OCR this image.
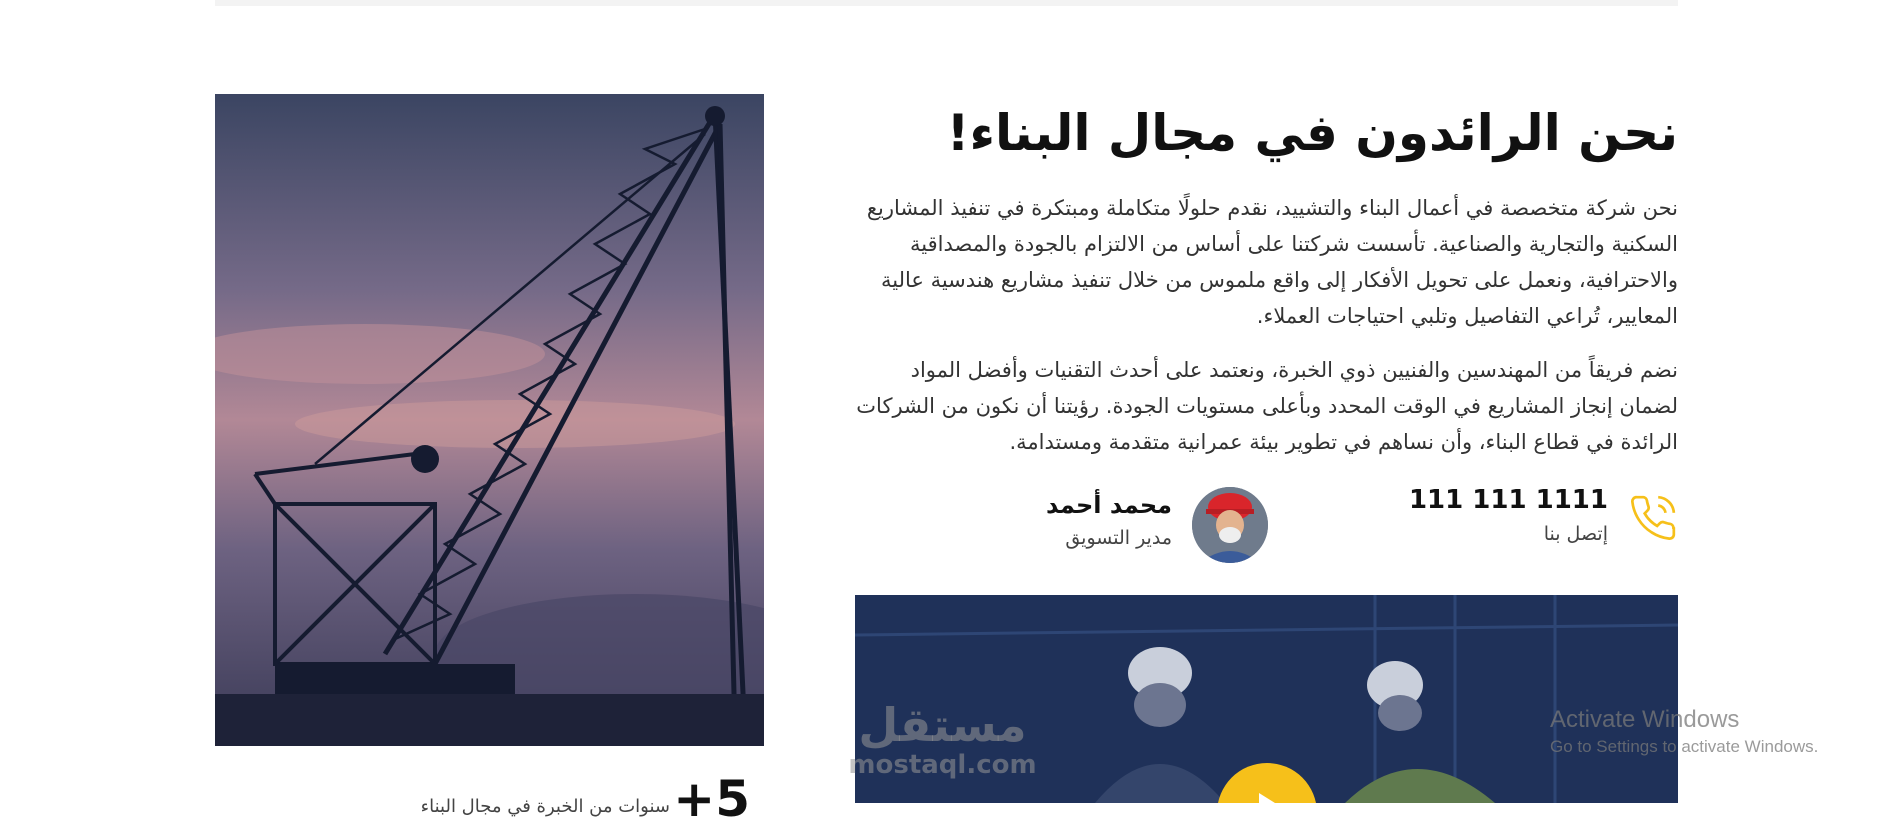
5+
سنوات من الخبرة في مجال البناء
نحن الرائدون في مجال البناء!

نحن شركة متخصصة في أعمال البناء والتشييد، نقدم حلولًا متكاملة ومبتكرة في تنفيذ المشاريع السكنية والتجارية والصناعية. تأسست شركتنا على أساس من الالتزام بالجودة والمصداقية والاحترافية، ونعمل على تحويل الأفكار إلى واقع ملموس من خلال تنفيذ مشاريع هندسية عالية المعايير، تُراعي التفاصيل وتلبي احتياجات العملاء.

نضم فريقاً من المهندسين والفنيين ذوي الخبرة، ونعتمد على أحدث التقنيات وأفضل المواد لضمان إنجاز المشاريع في الوقت المحدد وبأعلى مستويات الجودة. رؤيتنا أن نكون من الشركات الرائدة في قطاع البناء، وأن نساهم في تطوير بيئة عمرانية متقدمة ومستدامة.

1111 111 111
إتصل بنا
محمد أحمد
مدير التسويق
مستقل
mostaql.com
Activate Windows
Go to Settings to activate Windows.
